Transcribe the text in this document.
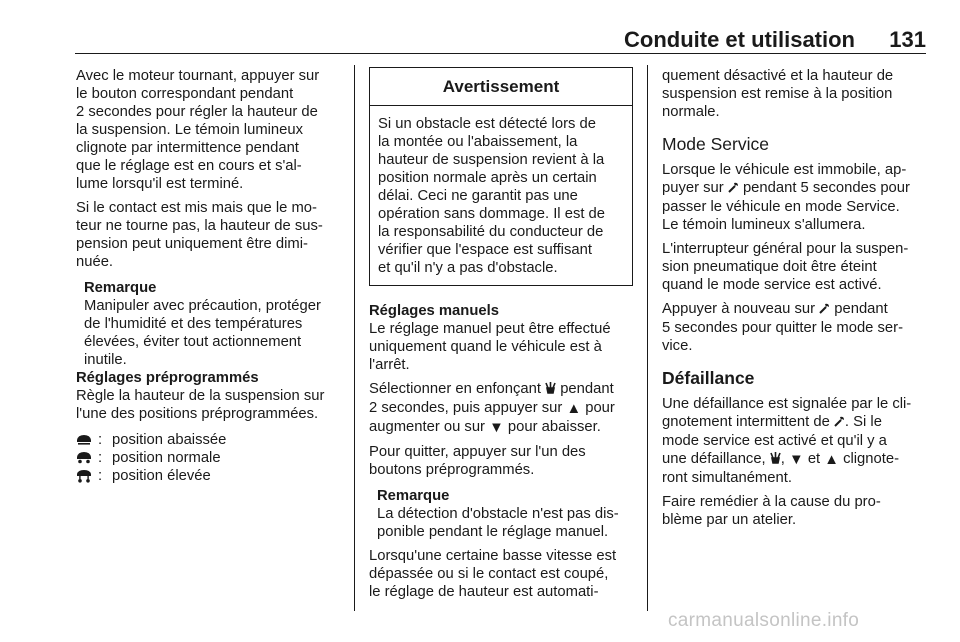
Conduite et utilisation	131

Avec le moteur tournant, appuyer sur
le bouton correspondant pendant
2 secondes pour régler la hauteur de
la suspension. Le témoin lumineux
clignote par intermittence pendant
que le réglage est en cours et s'al-
lume lorsqu'il est terminé.

Si le contact est mis mais que le mo-
teur ne tourne pas, la hauteur de sus-
pension peut uniquement être dimi-
nuée.

Remarque

Manipuler avec précaution, protéger
de l'humidité et des températures
élevées, éviter tout actionnement
inutile.

Réglages préprogrammés

Règle la hauteur de la suspension sur
l'une des positions préprogrammées.

: position abaissée
: position normale
: position élevée
Avertissement

Si un obstacle est détecté lors de
la montée ou l'abaissement, la
hauteur de suspension revient à la
position normale après un certain
délai. Ceci ne garantit pas une
opération sans dommage. Il est de
la responsabilité du conducteur de
vérifier que l'espace est suffisant
et qu'il n'y a pas d'obstacle.

Réglages manuels

Le réglage manuel peut être effectué
uniquement quand le véhicule est à
l'arrêt.

Sélectionner en enfonçant pendant
2 secondes, puis appuyer sur ▲ pour
augmenter ou sur ▼ pour abaisser.

Pour quitter, appuyer sur l'un des
boutons préprogrammés.

Remarque

La détection d'obstacle n'est pas dis-
ponible pendant le réglage manuel.

Lorsqu'une certaine basse vitesse est
dépassée ou si le contact est coupé,
le réglage de hauteur est automati-

quement désactivé et la hauteur de
suspension est remise à la position
normale.

Mode Service

Lorsque le véhicule est immobile, ap-
puyer sur pendant 5 secondes pour
passer le véhicule en mode Service.
Le témoin lumineux s'allumera.

L'interrupteur général pour la suspen-
sion pneumatique doit être éteint
quand le mode service est activé.

Appuyer à nouveau sur pendant
5 secondes pour quitter le mode ser-
vice.

Défaillance

Une défaillance est signalée par le cli-
gnotement intermittent de . Si le
mode service est activé et qu'il y a
une défaillance, , ▼ et ▲ clignote-
ront simultanément.

Faire remédier à la cause du pro-
blème par un atelier.

carmanualsonline.info
